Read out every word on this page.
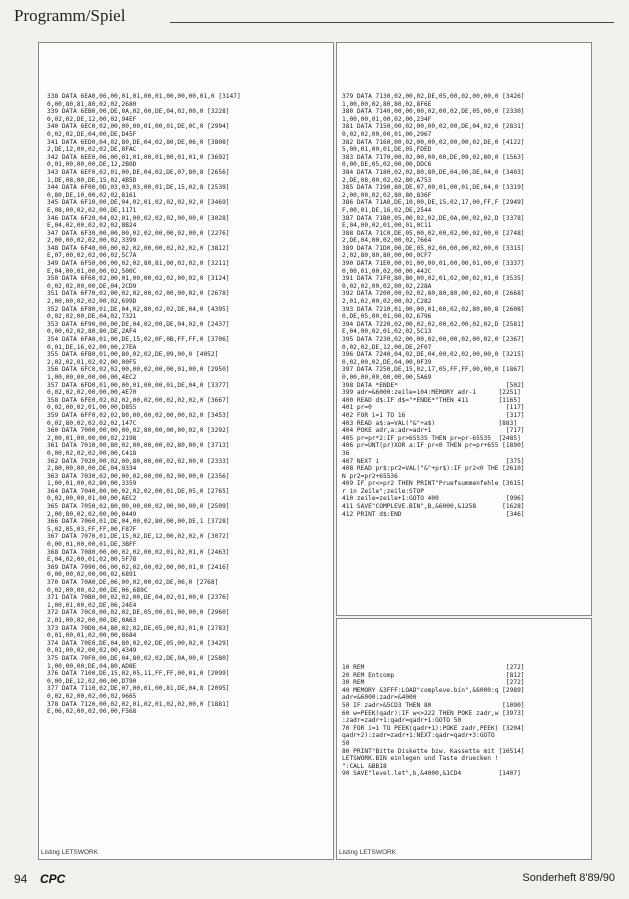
Programm/Spiel
338 DATA 6EA0,06,00,01,01,00,01,00,00,00,01,0 [3147]
0,00,80,81,80,02,02,2680
339 DATA 6EB0,00,DE,0A,02,00,DE,04,02,00,0 [3228]
0,02,02,DE,12,00,02,94EF
340 DATA 6EC0,02,00,00,00,01,00,01,DE,0C,0 [2994]
0,02,02,DE,04,00,DE,D45F
341 DATA 6ED0,04,02,80,DE,04,02,80,DE,06,0 [3808]
2,DE,12,00,02,02,DE,8FAC
342 DATA 6EE0,06,00,01,01,00,01,00,01,01,0 [3692]
0,01,00,00,00,DE,12,2B0D
343 DATA 6EF0,02,01,00,DE,04,02,DE,07,80,8 [2656]
1,DE,08,00,DE,15,02,4B5D
344 DATA 6F00,0D,03,03,03,00,01,DE,15,02,8 [2539]
0,80,DE,10,00,02,02,8161
345 DATA 6F10,00,DE,04,02,01,02,02,02,02,0 [3469]
E,08,00,02,02,00,DE,1171
346 DATA 6F20,04,02,01,00,02,02,02,00,00,0 [3028]
E,04,02,00,02,02,02,8B24
347 DATA 6F30,00,00,00,02,02,00,00,02,00,0 [2276]
2,00,00,02,02,00,02,3399
348 DATA 6F40,00,00,02,02,00,00,02,02,02,0 [3812]
E,07,00,02,02,00,02,5C7A
349 DATA 6F50,00,00,02,02,80,81,00,02,02,0 [3211]
E,04,00,01,00,00,02,500C
350 DATA 6F60,02,00,01,00,00,02,02,00,02,0 [3124]
0,02,02,00,00,DE,04,2CD9
351 DATA 6F70,02,00,02,02,00,02,00,00,02,0 [2678]
2,00,00,02,02,00,02,699D
352 DATA 6F80,01,DE,04,02,80,02,02,DE,04,0 [4395]
0,02,02,00,DE,04,02,7321
353 DATA 6F90,00,00,DE,04,02,00,DE,04,02,0 [2437]
0,00,02,02,80,80,DE,2AF4
354 DATA 6FA0,01,00,DE,15,02,0F,0B,FF,FF,0 [3706]
0,01,DE,16,02,00,00,27EA
355 DATA 6FB0,01,00,80,02,02,DE,09,00,0 [4052]
2,02,02,01,02,02,00,00F5
356 DATA 6FC0,02,02,00,00,02,00,00,01,00,0 [2950]
1,00,00,00,00,00,00,4EC2
357 DATA 6FD0,01,00,00,01,00,00,01,DE,04,0 [3377]
0,02,02,02,00,00,00,4E70
358 DATA 6FE0,02,02,02,00,02,00,02,02,02,0 [3667]
0,02,00,02,01,00,00,D855
359 DATA 6FF0,02,02,80,00,00,02,00,00,02,0 [3453]
0,02,80,02,02,02,02,147C
360 DATA 7000,00,00,00,02,80,00,00,00,02,0 [3292]
2,00,01,00,00,00,02,2198
361 DATA 7010,00,80,02,00,00,00,02,80,00,0 [3713]
0,00,02,02,02,00,00,C418
362 DATA 7020,00,02,00,80,00,00,02,02,00,0 [2333]
2,80,00,00,00,DE,04,9334
363 DATA 7030,02,00,00,02,00,00,02,00,00,0 [2356]
1,00,01,00,02,80,00,3359
364 DATA 7040,00,00,02,02,02,00,01,DE,05,0 [2765]
0,02,00,00,01,00,00,AEC2
365 DATA 7050,02,80,00,00,00,02,00,00,00,0 [2509]
2,00,80,02,02,00,00,0449
366 DATA 7060,01,DE,04,00,02,80,00,00,DE,1 [3728]
5,02,05,03,FF,FF,00,F87F
367 DATA 7070,01,DE,15,02,DE,12,00,02,02,0 [3072]
0,00,01,00,00,01,DE,3BFF
368 DATA 7080,00,00,02,02,00,02,01,02,01,0 [2463]
E,04,02,00,01,02,00,5F78
369 DATA 7090,06,00,02,02,00,02,00,00,01,0 [2416]
0,00,00,02,00,00,02,6891
370 DATA 70A0,DE,06,00,02,00,02,DE,06,0 [2768]
0,02,00,00,02,00,DE,06,689C
371 DATA 70B0,00,02,02,00,DE,04,02,01,00,0 [2376]
1,00,01,00,02,DE,06,24E4
372 DATA 70C0,00,02,02,DE,05,00,01,00,00,0 [2960]
2,01,00,02,00,00,DE,0A63
373 DATA 70D0,04,80,02,02,DE,05,00,02,01,0 [2783]
0,01,00,01,02,00,00,8684
374 DATA 70E0,DE,04,80,02,02,DE,05,00,02,0 [3429]
0,01,00,02,00,02,00,4349
375 DATA 70F0,00,DE,04,80,02,02,DE,0A,00,0 [2580]
1,00,00,00,DE,04,80,AD8E
376 DATA 7100,DE,15,02,05,11,FF,FF,00,01,0 [2099]
0,00,DE,12,02,00,00,D790
377 DATA 7110,02,DE,07,00,01,00,81,DE,04,8 [2095]
0,02,02,00,02,00,02,9665
378 DATA 7120,00,02,02,01,02,01,02,02,00,0 [1881]
E,06,02,00,02,00,00,F568
Listing LETSWORK
379 DATA 7130,02,00,02,DE,05,00,02,00,00,0 [3426]
1,00,00,02,80,80,02,8F6E
380 DATA 7140,00,00,00,02,00,02,DE,05,00,0 [2330]
1,00,00,01,00,02,00,234F
381 DATA 7150,00,02,00,00,02,00,DE,04,02,0 [2831]
0,02,02,00,00,01,00,2967
382 DATA 7160,00,02,00,00,02,00,00,02,DE,0 [4122]
5,00,01,00,01,DE,05,FDED
383 DATA 7170,00,02,00,00,00,DE,09,02,80,0 [1563]
0,00,DE,05,02,00,00,DDC6
384 DATA 7180,02,02,80,80,DE,04,00,DE,04,0 [3403]
2,DE,08,00,02,02,80,A753
385 DATA 7190,80,DE,07,00,01,00,01,DE,04,0 [3319]
2,00,00,02,02,80,80,836F
386 DATA 71A0,DE,10,00,DE,15,02,17,00,FF,F [2949]
F,00,01,DE,16,02,DE,2544
387 DATA 71B0,05,00,02,02,DE,0A,00,02,02,D [3378]
E,04,00,02,01,00,01,0C11
388 DATA 71C0,DE,05,00,02,00,02,00,02,00,0 [2748]
2,DE,04,00,02,00,02,7664
389 DATA 71D0,00,DE,05,02,00,00,00,02,00,0 [3315]
2,02,80,80,80,00,00,0CF7
390 DATA 71E0,00,01,00,00,01,00,00,01,00,0 [3337]
0,00,01,00,02,00,00,442C
391 DATA 71F0,80,80,00,02,01,02,00,02,01,0 [3535]
0,02,02,00,02,00,02,228A
392 DATA 7200,00,02,02,80,80,80,00,02,00,0 [2668]
2,01,02,00,02,00,02,C282
393 DATA 7210,01,00,00,01,00,02,02,80,80,8 [2608]
0,DE,05,00,01,00,02,6796
394 DATA 7220,02,00,02,02,00,02,00,02,02,D [2581]
E,04,00,02,01,02,02,5C13
395 DATA 7230,02,00,00,02,00,00,02,00,02,0 [2367]
0,02,02,DE,12,00,DE,2F07
396 DATA 7240,04,02,DE,04,00,02,02,00,00,0 [3215]
0,02,00,02,DE,04,00,0F39
397 DATA 7250,DE,15,02,17,05,FF,FF,00,00,0 [1867]
0,00,00,00,00,00,00,5A69
398 DATA *ENDE*                             [502]
399 adr=&6000:zeile=104:MEMORY adr-1      [2251]
400 READ d$:IF d$="*ENDE*"THEN 411        [1165]
401 pr=0                                    [117]
402 FOR i=1 TO 16                           [317]
403 READ a$:a=VAL("&"+a$)                 [883]
404 POKE adr,a:adr=adr+1                    [717]
405 pr=pr*2:IF pr>65535 THEN pr=pr-65535  [2485]
406 pr=UNT(pr)XOR a:IF pr<0 THEN pr=pr+655 [1890]
36
407 NEXT i                                  [375]
408 READ pr$:pr2=VAL("&"+pr$):IF pr2<0 THE [2610]
N pr2=pr2+65536
409 IF pr<>pr2 THEN PRINT"Pruefsummenfehle [3615]
r in Zeile";zeile:STOP
410 zeile=zeile+1:GOTO 400                  [996]
411 SAVE"COMPLEVE.BIN",B,&6000,&1258       [1628]
412 PRINT d$:END                            [346]
10 REM                                      [272]
20 REM Entcomp                              [812]
30 REM                                      [272]
40 MEMORY &3FFF:LOAD"compleve.bin",&6000:q [2989]
adr=&6000:zadr=&4000
50 IF zadr>&5CD3 THEN 80                   [1090]
60 w=PEEK(qadr):IF w<>222 THEN POKE zadr,w [3973]
:zadr=zadr+1:qadr=qadr+1:GOTO 50
70 FOR i=1 TO PEEK(qadr+1):POKE zadr,PEEK( [3204]
qadr+2):zadr=zadr+1:NEXT:qadr=qadr+3:GOTO
50
80 PRINT"Bitte Diskette bzw. Kassette mit [10514]
LETSWORK.BIN einlegen und Taste druecken !
":CALL &BB18
90 SAVE"level.let",b,&4000,&1CD4          [1407]
Listing LETSWORK
94 CPC	Sonderheft 8'89/90
